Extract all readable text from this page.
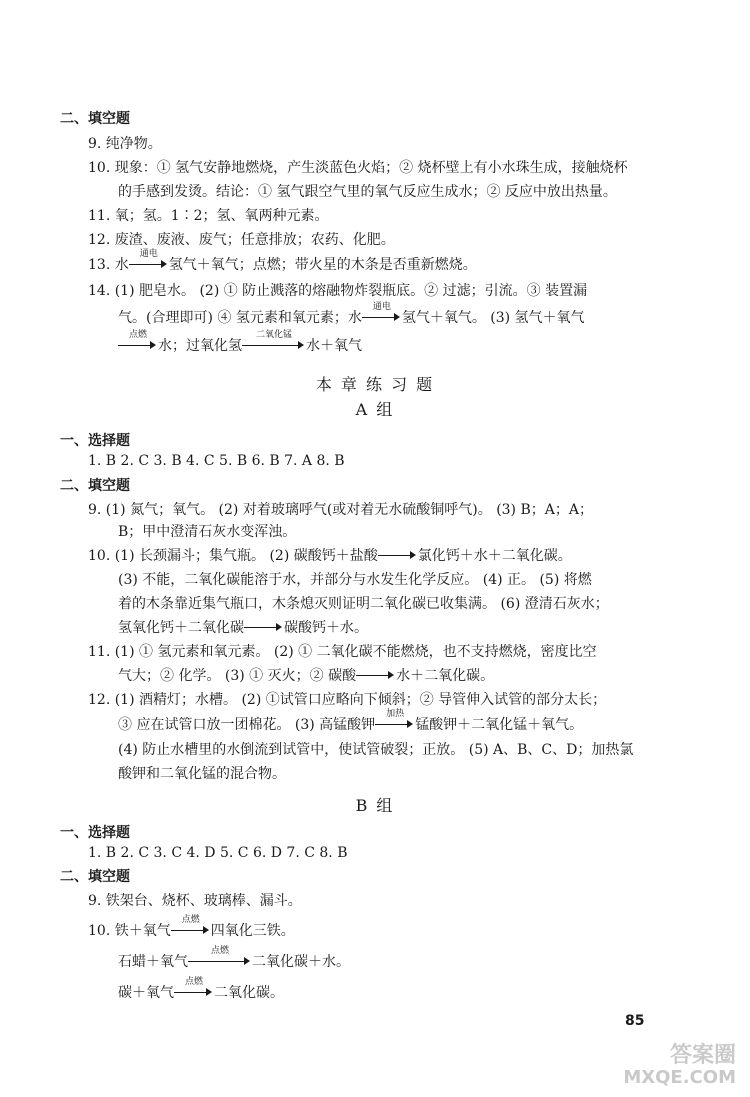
二、填空题
9. 纯净物。
10. 现象：① 氢气安静地燃烧，产生淡蓝色火焰；② 烧杯壁上有小水珠生成，接触烧杯
的手感到发烫。结论：① 氢气跟空气里的氧气反应生成水；② 反应中放出热量。
11. 氧；氢。1∶2；氢、氧两种元素。
12. 废渣、废液、废气；任意排放；农药、化肥。
13. 水
通电
氢气＋氧气；点燃；带火星的木条是否重新燃烧。
14. (1) 肥皂水。 (2) ① 防止溅落的熔融物炸裂瓶底。② 过滤；引流。③ 装置漏
气。(合理即可) ④ 氢元素和氧元素；水
通电
氢气＋氧气。 (3) 氢气＋氧气
点燃
水；过氧化氢
二氧化锰
水＋氧气
本 章 练 习 题
A 组
一、选择题
1. B 2. C 3. B 4. C 5. B 6. B 7. A 8. B
二、填空题
9. (1) 氮气；氧气。 (2) 对着玻璃呼气(或对着无水硫酸铜呼气)。 (3) B；A；A；
B；甲中澄清石灰水变浑浊。
10. (1) 长颈漏斗；集气瓶。 (2) 碳酸钙＋盐酸	氯化钙＋水＋二氧化碳。
(3) 不能，二氧化碳能溶于水，并部分与水发生化学反应。 (4) 正。 (5) 将燃
着的木条靠近集气瓶口，木条熄灭则证明二氧化碳已收集满。 (6) 澄清石灰水；
氢氧化钙＋二氧化碳	碳酸钙＋水。
11. (1) ① 氢元素和氧元素。 (2) ① 二氧化碳不能燃烧，也不支持燃烧，密度比空
气大；② 化学。 (3) ① 灭火；② 碳酸	水＋二氧化碳。
12. (1) 酒精灯；水槽。 (2) ①试管口应略向下倾斜；② 导管伸入试管的部分太长；
③ 应在试管口放一团棉花。 (3) 高锰酸钾
加热
锰酸钾＋二氧化锰＋氧气。
(4) 防止水槽里的水倒流到试管中，使试管破裂；正放。 (5) A、B、C、D；加热氯
酸钾和二氧化锰的混合物。
B 组
一、选择题
1. B 2. C 3. C 4. D 5. C 6. D 7. C 8. B
二、填空题
9. 铁架台、烧杯、玻璃棒、漏斗。
10. 铁＋氧气
点燃
四氧化三铁。
石蜡＋氧气
点燃
二氧化碳＋水。
碳＋氧气
点燃
二氧化碳。
85
答案圈
MXQE.COM
